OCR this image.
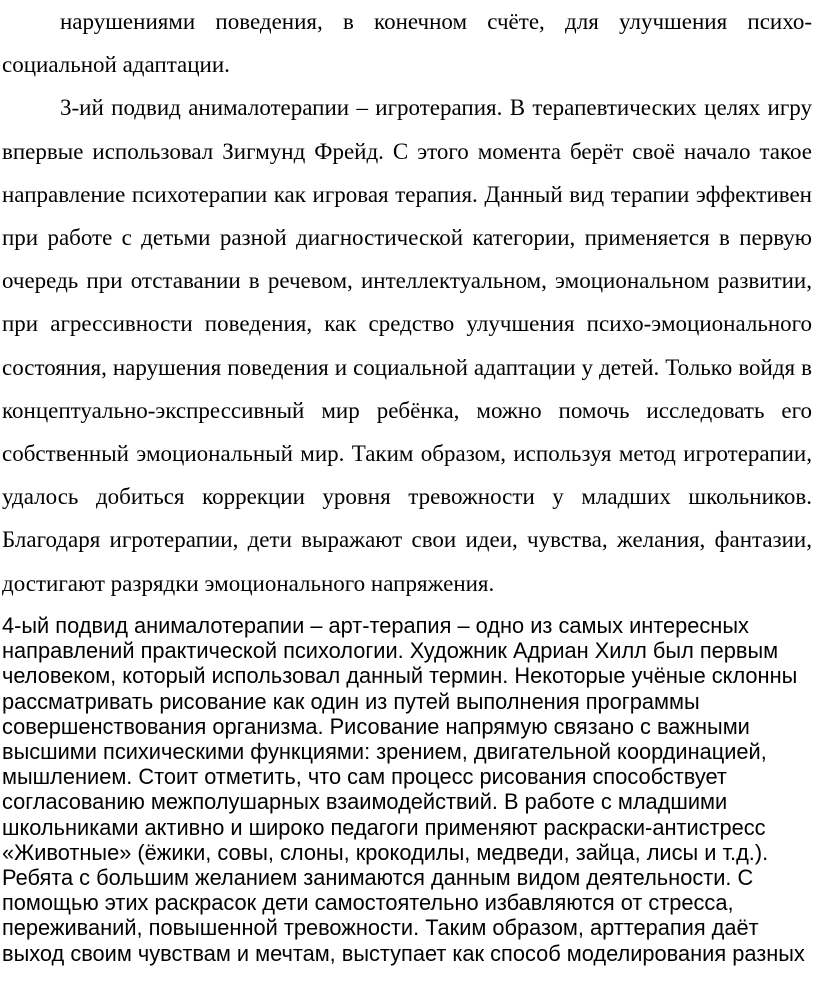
нарушениями поведения, в конечном счёте, для улучшения психо-социальной адаптации.
3-ий подвид анималотерапии – игротерапия. В терапевтических целях игру впервые использовал Зигмунд Фрейд. С этого момента берёт своё начало такое направление психотерапии как игровая терапия. Данный вид терапии эффективен при работе с детьми разной диагностической категории, применяется в первую очередь при отставании в речевом, интеллектуальном, эмоциональном развитии, при агрессивности поведения, как средство улучшения психо-эмоционального состояния, нарушения поведения и социальной адаптации у детей. Только войдя в концептуально-экспрессивный мир ребёнка, можно помочь исследовать его собственный эмоциональный мир. Таким образом, используя метод игротерапии, удалось добиться коррекции уровня тревожности у младших школьников. Благодаря игротерапии, дети выражают свои идеи, чувства, желания, фантазии, достигают разрядки эмоционального напряжения.

4-ый подвид анималотерапии – арт-терапия – одно из самых интересных направлений практической психологии. Художник Адриан Хилл был первым человеком, который использовал данный термин. Некоторые учёные склонны рассматривать рисование как один из путей выполнения программы совершенствования организма. Рисование напрямую связано с важными высшими психическими функциями: зрением, двигательной координацией, мышлением. Стоит отметить, что сам процесс рисования способствует согласованию межполушарных взаимодействий. В работе с младшими школьниками активно и широко педагоги применяют раскраски-антистресс «Животные» (ёжики, совы, слоны, крокодилы, медведи, зайца, лисы и т.д.). Ребята с большим желанием занимаются данным видом деятельности. С помощью этих раскрасок дети самостоятельно избавляются от стресса, переживаний, повышенной тревожности. Таким образом, арттерапия даёт выход своим чувствам и мечтам, выступает как способ моделирования разных
